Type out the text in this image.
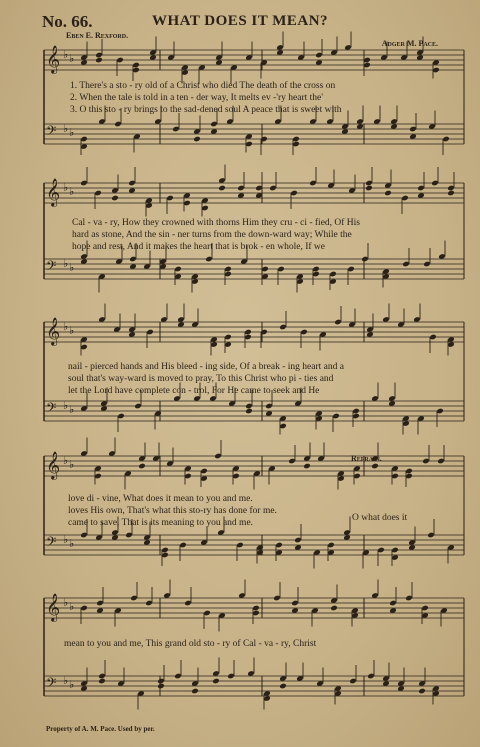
𝄞 ♭ ♭
𝄢 ♭ ♭
𝄞 ♭ ♭
𝄢 ♭ ♭
𝄞 ♭ ♭
𝄢 ♭ ♭
𝄞 ♭ ♭
𝄢 ♭ ♭
𝄞 ♭ ♭
𝄢 ♭ ♭
No. 66.	WHAT DOES IT MEAN?
Eben E. Rexford.
Adger M. Pace.
1. There's a sto - ry old of a Christ who died The death of the cross on
2. When the tale is told in a ten - der way, It melts ev -'ry heart the'
3. O this sto - ry brings to the sad-dened soul A peace that is sweet with
Cal - va - ry, How they crowned with thorns Him they cru - ci - fied, Of His
hard as stone, And the sin - ner turns from the down-ward way; While the
hope and rest, And it makes the heart that is brok - en whole, If we
nail - pierced hands and His bleed - ing side, Of a break - ing heart and a
soul that's way-ward is moved to pray, To this Christ who pi - ties and
let the Lord have complete con - trol, For He came to seek and He
Refrain.
love di - vine, What does it mean to you and me.
loves His own, That's what this sto-ry has done for me.
came to save, That is its meaning to you and me.	O what does it
mean to you and me, This grand old sto - ry of Cal - va - ry, Christ
Property of A. M. Pace. Used by per.
